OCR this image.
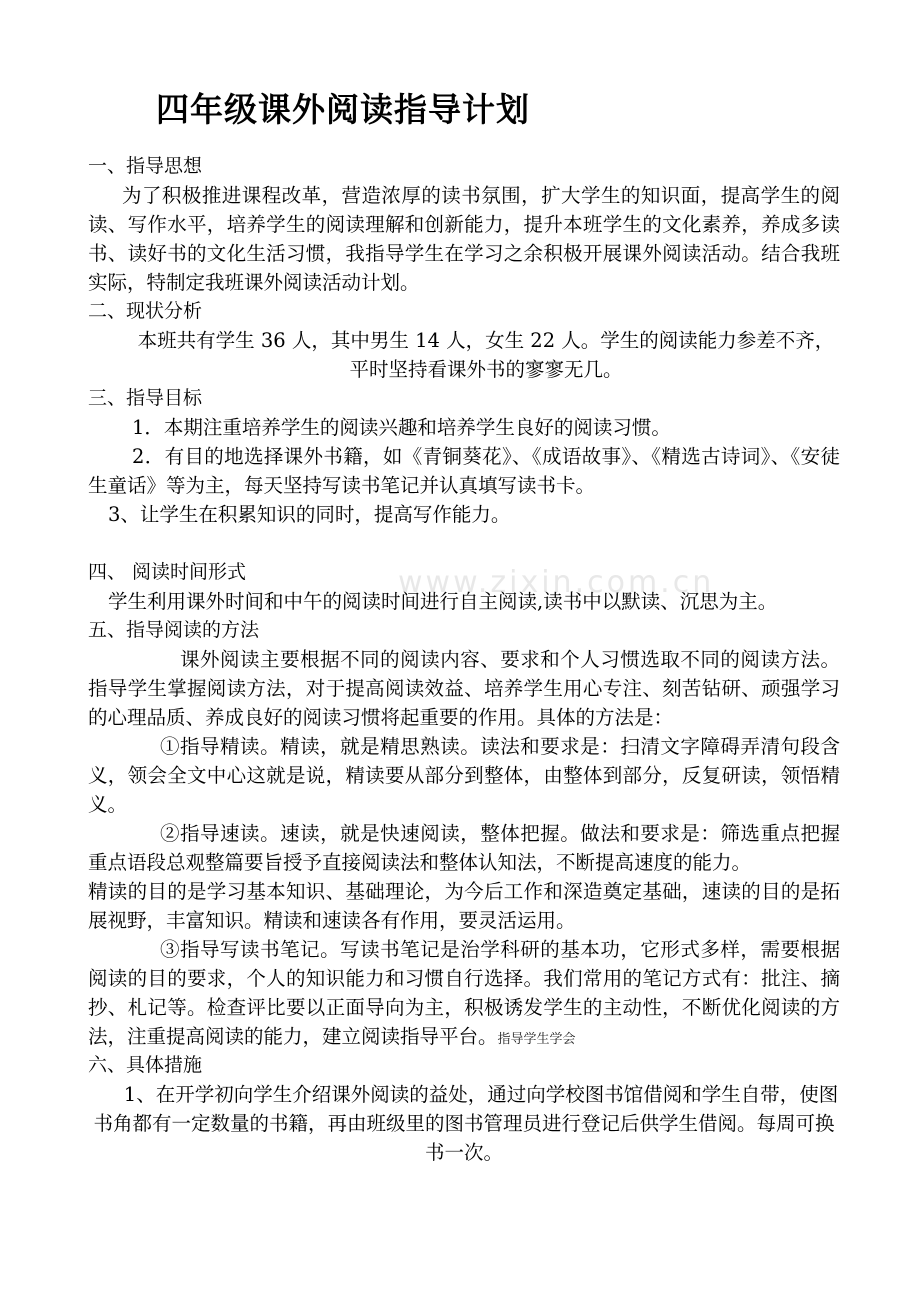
www.zixin.com.cn
四年级课外阅读指导计划
一、指导思想

为了积极推进课程改革，营造浓厚的读书氛围，扩大学生的知识面，提高学生的阅读、写作水平，培养学生的阅读理解和创新能力，提升本班学生的文化素养，养成多读书、读好书的文化生活习惯，我指导学生在学习之余积极开展课外阅读活动。结合我班实际，特制定我班课外阅读活动计划。

二、现状分析

本班共有学生 36 人，其中男生 14 人，女生 22 人。学生的阅读能力参差不齐，平时坚持看课外书的寥寥无几。

三、指导目标

1．本期注重培养学生的阅读兴趣和培养学生良好的阅读习惯。

2．有目的地选择课外书籍，如《青铜葵花》、《成语故事》、《精选古诗词》、《安徒生童话》等为主，每天坚持写读书笔记并认真填写读书卡。

3、让学生在积累知识的同时，提高写作能力。

四、 阅读时间形式

学生利用课外时间和中午的阅读时间进行自主阅读,读书中以默读、沉思为主。

五、指导阅读的方法

课外阅读主要根据不同的阅读内容、要求和个人习惯选取不同的阅读方法。指导学生掌握阅读方法，对于提高阅读效益、培养学生用心专注、刻苦钻研、顽强学习的心理品质、养成良好的阅读习惯将起重要的作用。具体的方法是：

①指导精读。精读，就是精思熟读。读法和要求是：扫清文字障碍弄清句段含义，领会全文中心这就是说，精读要从部分到整体，由整体到部分，反复研读，领悟精义。

②指导速读。速读，就是快速阅读，整体把握。做法和要求是：筛选重点把握重点语段总观整篇要旨授予直接阅读法和整体认知法，不断提高速度的能力。

精读的目的是学习基本知识、基础理论，为今后工作和深造奠定基础，速读的目的是拓展视野，丰富知识。精读和速读各有作用，要灵活运用。

③指导写读书笔记。写读书笔记是治学科研的基本功，它形式多样，需要根据阅读的目的要求，个人的知识能力和习惯自行选择。我们常用的笔记方式有：批注、摘抄、札记等。检查评比要以正面导向为主，积极诱发学生的主动性，不断优化阅读的方法，注重提高阅读的能力，建立阅读指导平台。指导学生学会

六、具体措施

1、在开学初向学生介绍课外阅读的益处，通过向学校图书馆借阅和学生自带，使图书角都有一定数量的书籍，再由班级里的图书管理员进行登记后供学生借阅。每周可换书一次。
